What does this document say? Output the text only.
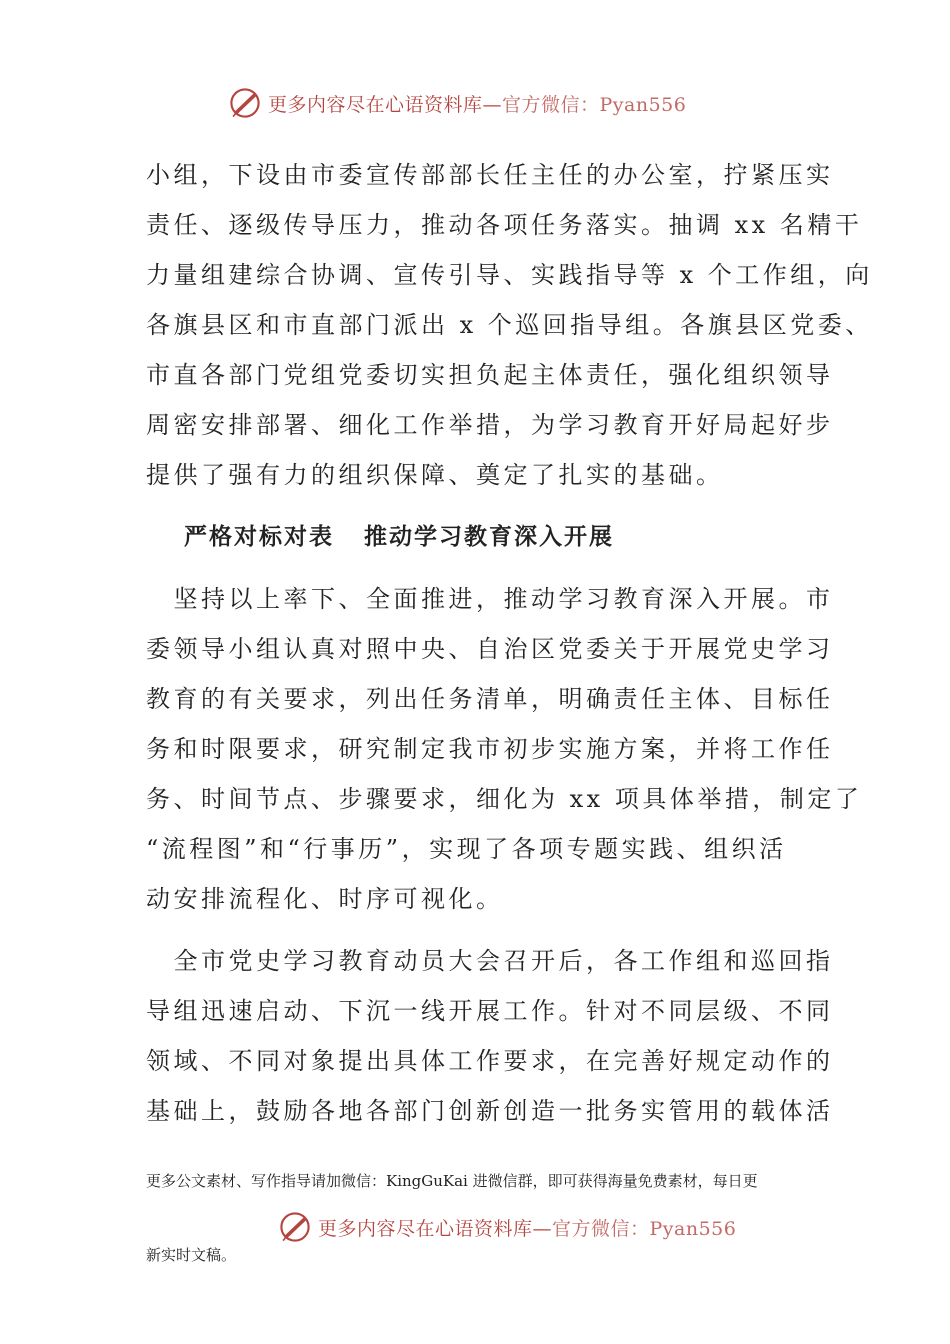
更多内容尽在心语资料库—官方微信：Pyan556
小组，下设由市委宣传部部长任主任的办公室，拧紧压实
责任、逐级传导压力，推动各项任务落实。抽调 xx 名精干
力量组建综合协调、宣传引导、实践指导等 x 个工作组，向
各旗县区和市直部门派出 x 个巡回指导组。各旗县区党委、
市直各部门党组党委切实担负起主体责任，强化组织领导
周密安排部署、细化工作举措，为学习教育开好局起好步
提供了强有力的组织保障、奠定了扎实的基础。
严格对标对表   推动学习教育深入开展
　坚持以上率下、全面推进，推动学习教育深入开展。市
委领导小组认真对照中央、自治区党委关于开展党史学习
教育的有关要求，列出任务清单，明确责任主体、目标任
务和时限要求，研究制定我市初步实施方案，并将工作任
务、时间节点、步骤要求，细化为 xx 项具体举措，制定了
“流程图”和“行事历”，实现了各项专题实践、组织活
动安排流程化、时序可视化。
　全市党史学习教育动员大会召开后，各工作组和巡回指
导组迅速启动、下沉一线开展工作。针对不同层级、不同
领域、不同对象提出具体工作要求，在完善好规定动作的
基础上，鼓励各地各部门创新创造一批务实管用的载体活
更多公文素材、写作指导请加微信：KingGuKai 进微信群，即可获得海量免费素材，每日更
更多内容尽在心语资料库—官方微信：Pyan556
新实时文稿。
